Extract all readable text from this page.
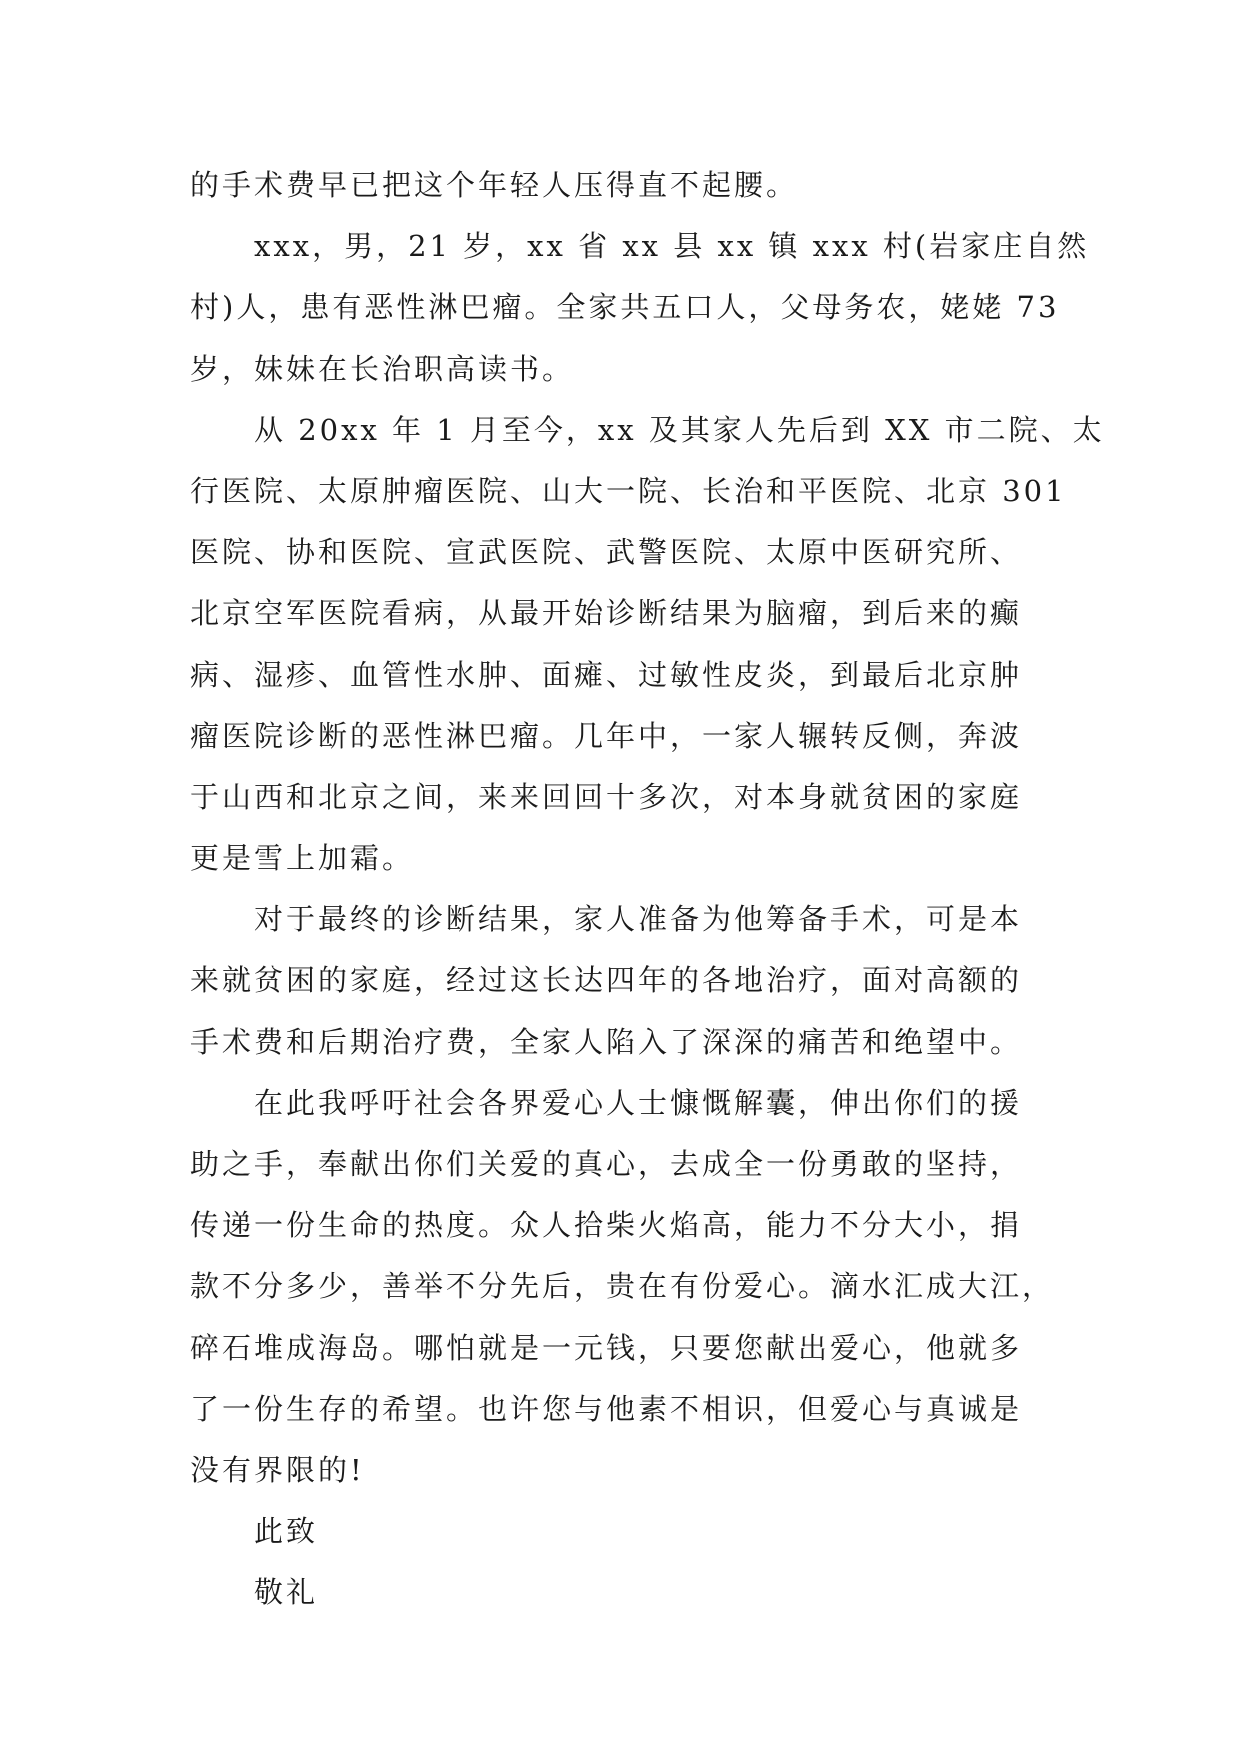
的手术费早已把这个年轻人压得直不起腰。
xxx，男，21 岁，xx 省 xx 县 xx 镇 xxx 村(岩家庄自然
村)人，患有恶性淋巴瘤。全家共五口人，父母务农，姥姥 73
岁，妹妹在长治职高读书。
从 20xx 年 1 月至今，xx 及其家人先后到 XX 市二院、太
行医院、太原肿瘤医院、山大一院、长治和平医院、北京 301
医院、协和医院、宣武医院、武警医院、太原中医研究所、
北京空军医院看病，从最开始诊断结果为脑瘤，到后来的癫
病、湿疹、血管性水肿、面瘫、过敏性皮炎，到最后北京肿
瘤医院诊断的恶性淋巴瘤。几年中，一家人辗转反侧，奔波
于山西和北京之间，来来回回十多次，对本身就贫困的家庭
更是雪上加霜。
对于最终的诊断结果，家人准备为他筹备手术，可是本
来就贫困的家庭，经过这长达四年的各地治疗，面对高额的
手术费和后期治疗费，全家人陷入了深深的痛苦和绝望中。
在此我呼吁社会各界爱心人士慷慨解囊，伸出你们的援
助之手，奉献出你们关爱的真心，去成全一份勇敢的坚持，
传递一份生命的热度。众人拾柴火焰高，能力不分大小，捐
款不分多少，善举不分先后，贵在有份爱心。滴水汇成大江，
碎石堆成海岛。哪怕就是一元钱，只要您献出爱心，他就多
了一份生存的希望。也许您与他素不相识，但爱心与真诚是
没有界限的!
此致
敬礼
